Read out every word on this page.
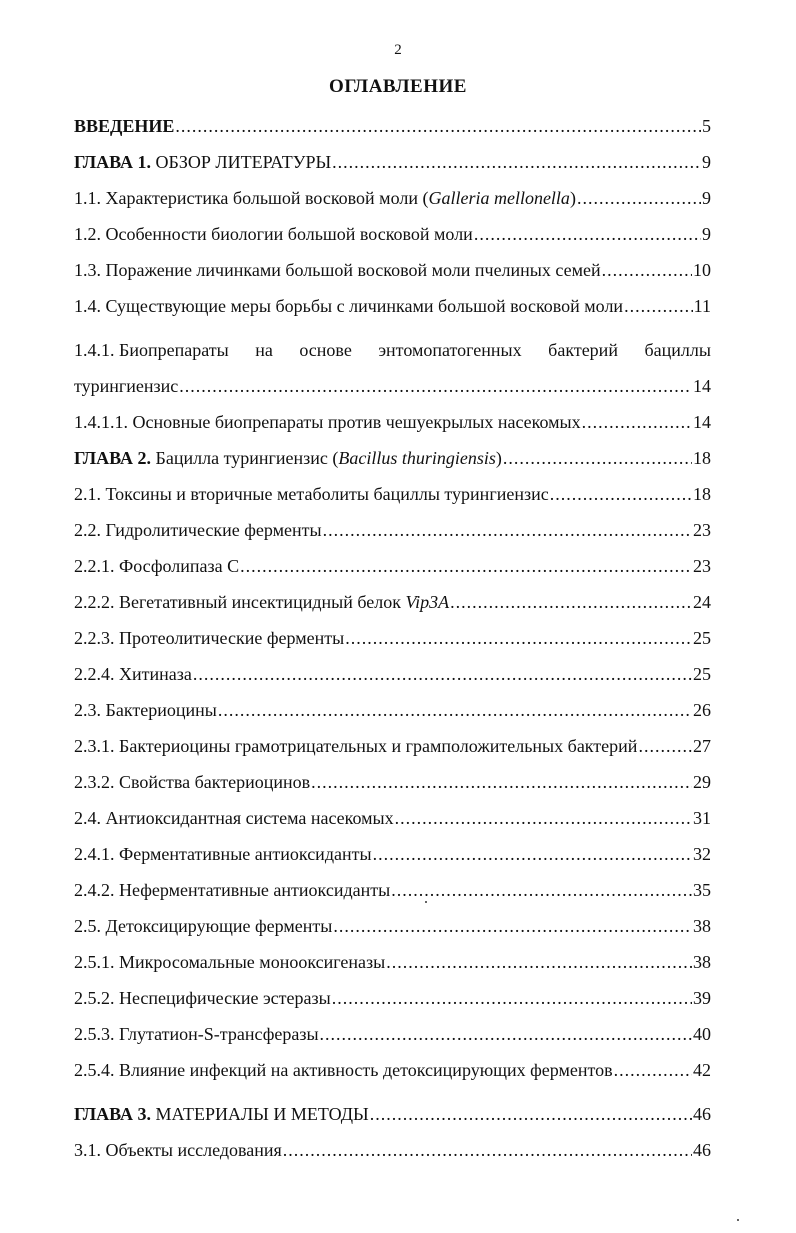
2
ОГЛАВЛЕНИЕ
ВВЕДЕНИЕ .....	5
ГЛАВА 1. ОБЗОР ЛИТЕРАТУРЫ .....	9
1.1. Характеристика большой восковой моли (Galleria mellonella) .....	9
1.2. Особенности биологии большой восковой моли .....	9
1.3. Поражение личинками большой восковой моли пчелиных семей .....	10
1.4. Существующие меры борьбы с личинками большой восковой моли .....	11
1.4.1. Биопрепараты на основе энтомопатогенных бактерий бациллы
турингиензис .....	14
1.4.1.1. Основные биопрепараты против чешуекрылых насекомых .....	14
ГЛАВА 2. Бацилла турингиензис (Bacillus thuringiensis) .....	18
2.1. Токсины и вторичные метаболиты бациллы турингиензис .....	18
2.2. Гидролитические ферменты .....	23
2.2.1. Фосфолипаза С .....	23
2.2.2. Вегетативный инсектицидный белок Vip3A .....	24
2.2.3. Протеолитические ферменты .....	25
2.2.4. Хитиназа .....	25
2.3. Бактериоцины .....	26
2.3.1. Бактериоцины грамотрицательных и грамположительных бактерий .....	27
2.3.2. Свойства бактериоцинов .....	29
2.4. Антиоксидантная система насекомых .....	31
2.4.1. Ферментативные антиоксиданты .....	32
2.4.2. Неферментативные антиоксиданты .....	35
2.5. Детоксицирующие ферменты .....	38
2.5.1. Микросомальные монооксигеназы .....	38
2.5.2. Неспецифические эстеразы .....	39
2.5.3. Глутатион-S-трансферазы .....	40
2.5.4. Влияние инфекций на активность детоксицирующих ферментов .....	42
ГЛАВА 3. МАТЕРИАЛЫ И МЕТОДЫ .....	46
3.1. Объекты исследования .....	46
